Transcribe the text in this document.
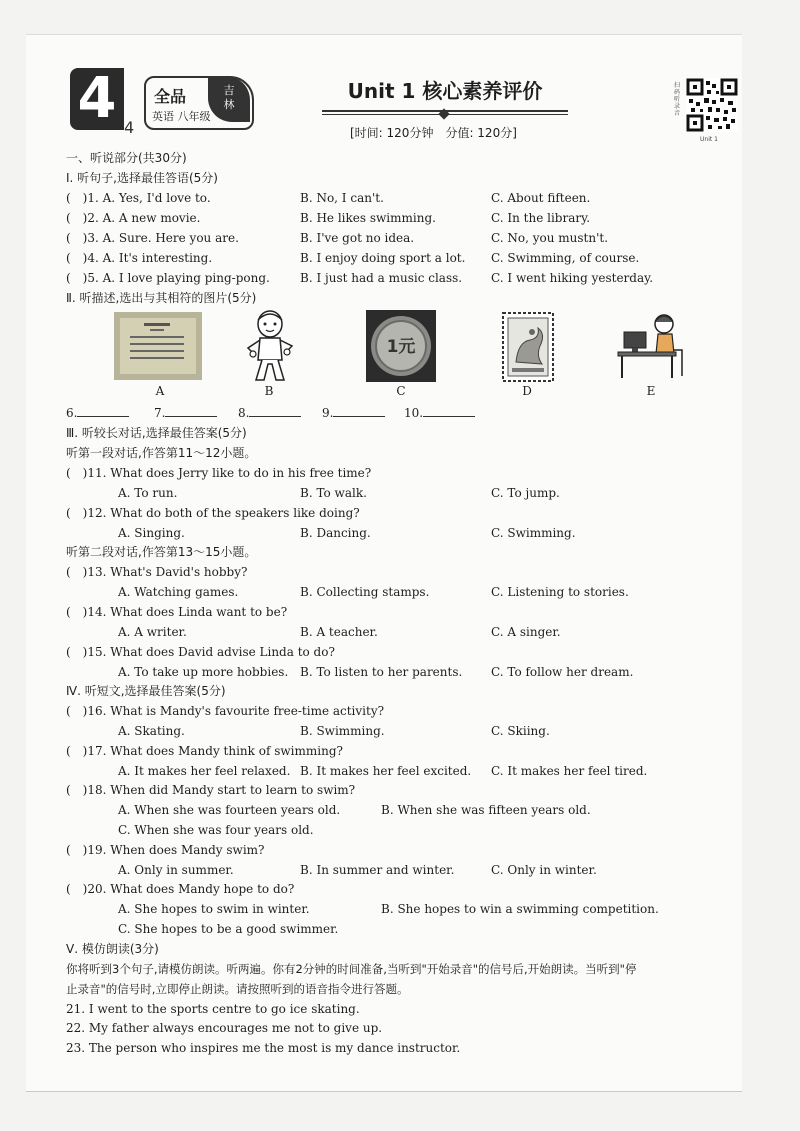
4 4
全品
英语 八年级
吉林
Unit 1 核心素养评价
[时间: 120分钟　分值: 120分]
扫码听录音
Unit 1
一、听说部分(共30分)
Ⅰ. 听句子,选择最佳答语(5分)
(　)1. A. Yes, I'd love to.	B. No, I can't.	C. About fifteen.
(　)2. A. A new movie.	B. He likes swimming.	C. In the library.
(　)3. A. Sure. Here you are.	B. I've got no idea.	C. No, you mustn't.
(　)4. A. It's interesting.	B. I enjoy doing sport a lot. C. Swimming, of course.
(　)5. A. I love playing ping-pong.	B. I just had a music class. C. I went hiking yesterday.
Ⅱ. 听描述,选出与其相符的图片(5分)
1元
A	B	C	D	E
6.	7.	8.	9.	10.
Ⅲ. 听较长对话,选择最佳答案(5分)
听第一段对话,作答第11～12小题。
(　)11. What does Jerry like to do in his free time?
A. To run.	B. To walk.	C. To jump.
(　)12. What do both of the speakers like doing?
A. Singing.	B. Dancing.	C. Swimming.
听第二段对话,作答第13～15小题。
(　)13. What's David's hobby?
A. Watching games.	B. Collecting stamps.	C. Listening to stories.
(　)14. What does Linda want to be?
A. A writer.	B. A teacher.	C. A singer.
(　)15. What does David advise Linda to do?
A. To take up more hobbies. B. To listen to her parents. C. To follow her dream.
Ⅳ. 听短文,选择最佳答案(5分)
(　)16. What is Mandy's favourite free-time activity?
A. Skating.	B. Swimming.	C. Skiing.
(　)17. What does Mandy think of swimming?
A. It makes her feel relaxed. B. It makes her feel excited. C. It makes her feel tired.
(　)18. When did Mandy start to learn to swim?
A. When she was fourteen years old.	B. When she was fifteen years old.
C. When she was four years old.
(　)19. When does Mandy swim?
A. Only in summer.	B. In summer and winter.	C. Only in winter.
(　)20. What does Mandy hope to do?
A. She hopes to swim in winter.	B. She hopes to win a swimming competition.
C. She hopes to be a good swimmer.
Ⅴ. 模仿朗读(3分)
你将听到3个句子,请模仿朗读。听两遍。你有2分钟的时间准备,当听到"开始录音"的信号后,开始朗读。当听到"停
止录音"的信号时,立即停止朗读。请按照听到的语音指令进行答题。
21. I went to the sports centre to go ice skating.
22. My father always encourages me not to give up.
23. The person who inspires me the most is my dance instructor.
